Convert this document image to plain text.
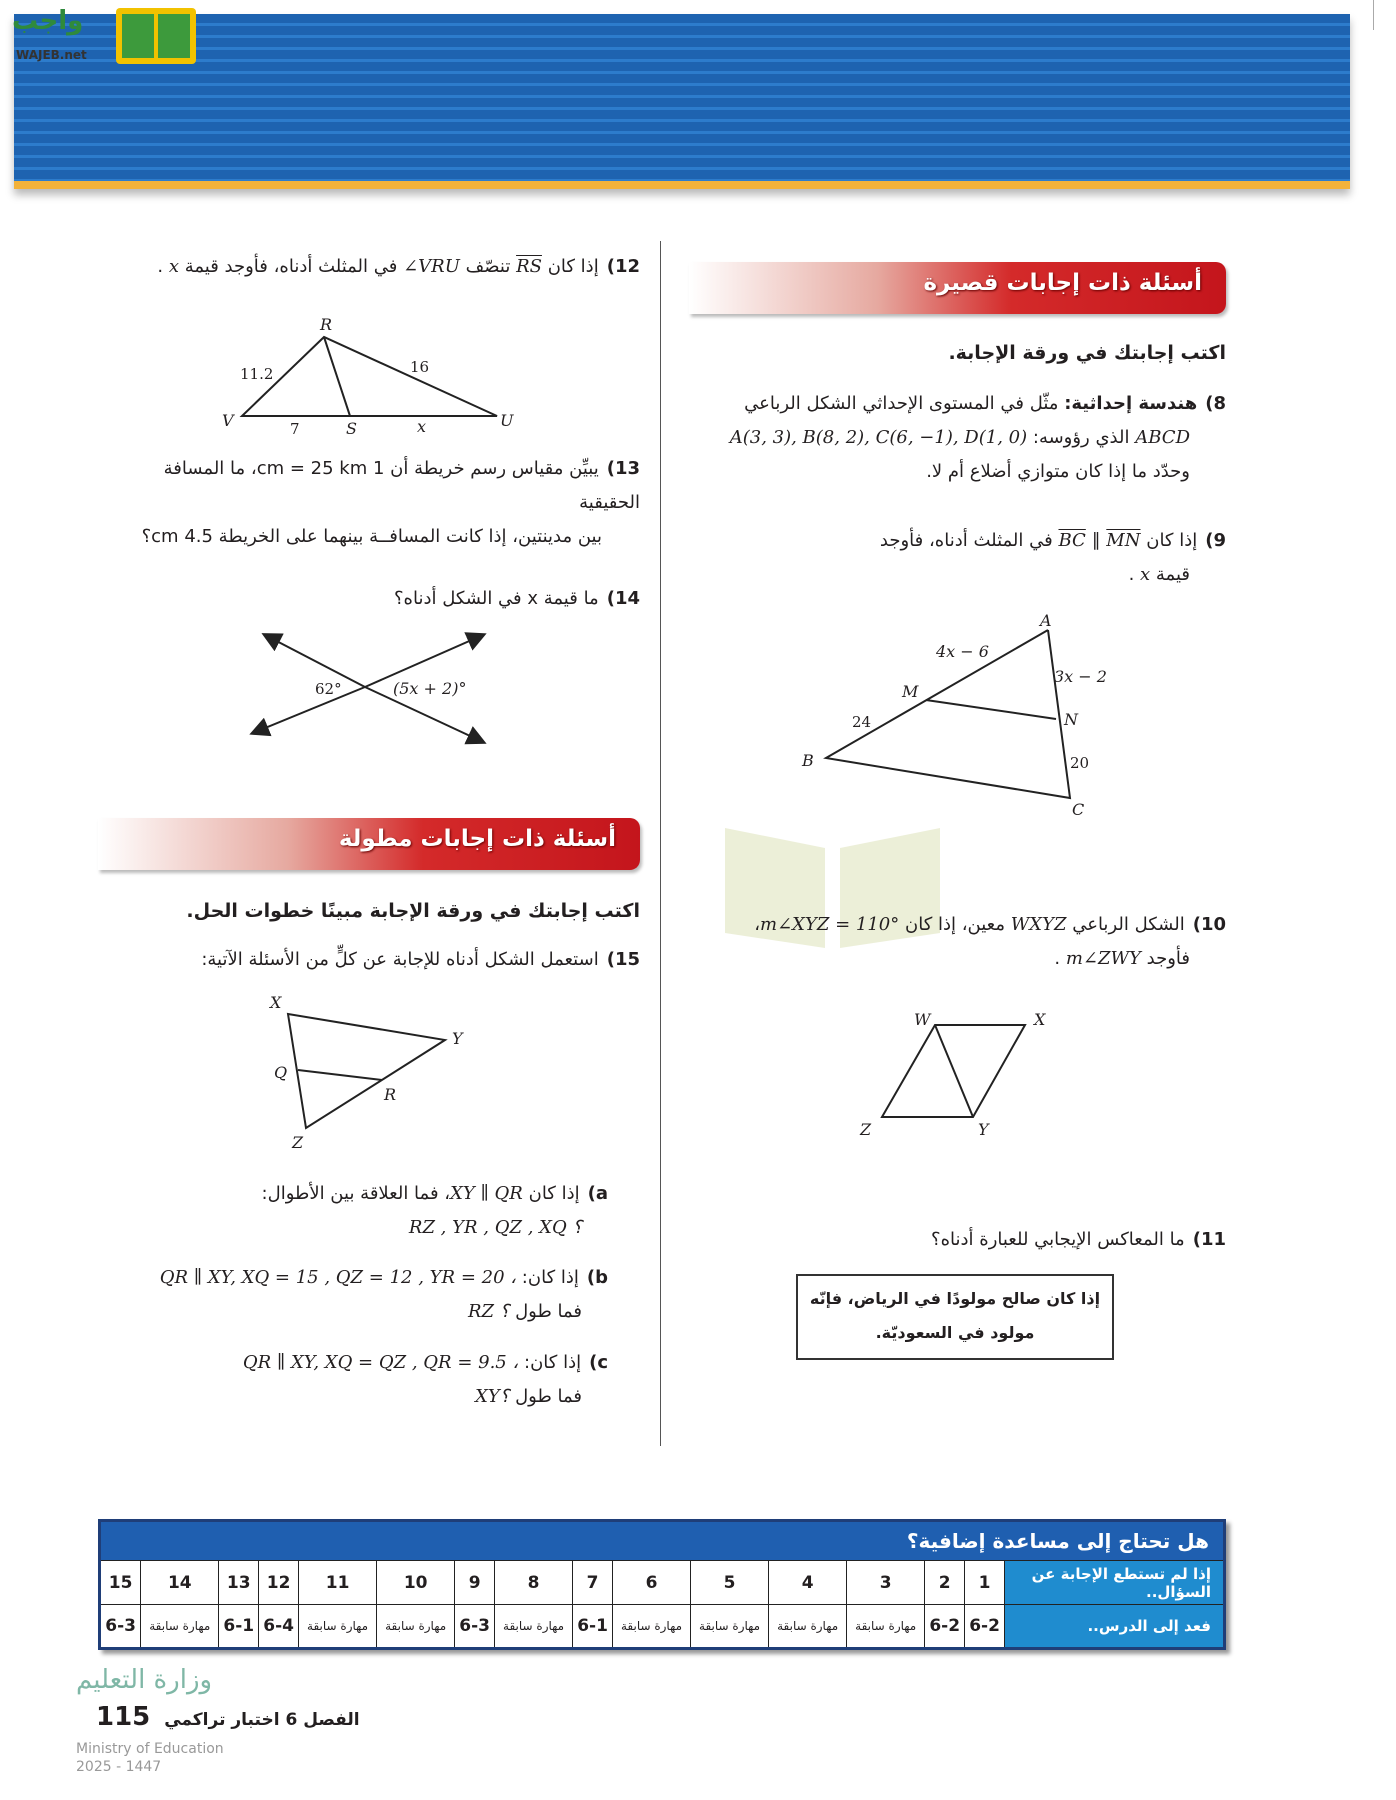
واجب
WAJEB.net
أسئلة ذات إجابات قصيرة
اكتب إجابتك في ورقة الإجابة.
8)هندسة إحداثية: مثّل في المستوى الإحداثي الشكل الرباعي
ABCD الذي رؤوسه: A(3, 3), B(8, 2), C(6, −1), D(1, 0)
وحدّد ما إذا كان متوازي أضلاع أم لا.
9)إذا كان $\overline{BC}$ ∥ $\overline{MN}$ في المثلث أدناه، فأوجد
قيمة x .
A
B
C
M
N
4x − 6
3x − 2
24
20
10)الشكل الرباعي WXYZ معين، إذا كان m∠XYZ = 110°،
فأوجد m∠ZWY .
W	X
Y
Z
11)ما المعاكس الإيجابي للعبارة أدناه؟
إذا كان صالح مولودًا في الرياض، فإنّه
مولود في السعوديّة.
12)إذا كان $\overline{RS}$ تنصّف ∠VRU في المثلث أدناه، فأوجد قيمة x .
R
V	S	U
11.2	16
7	x
13)يبيِّن مقياس رسم خريطة أن 1 cm = 25 km، ما المسافة الحقيقية
بين مدينتين، إذا كانت المسافــة بينهما على الخريطة 4.5 cm؟
14)ما قيمة x في الشكل أدناه؟
62°	(5x + 2)°
أسئلة ذات إجابات مطولة
اكتب إجابتك في ورقة الإجابة مبينًا خطوات الحل.
15)استعمل الشكل أدناه للإجابة عن كلٍّ من الأسئلة الآتية:
X
Y
Q
R
Z
a)إذا كان XY ∥ QR، فما العلاقة بين الأطوال:
RZ , YR , QZ , XQ ؟
b)إذا كان: QR ∥ XY, XQ = 15 , QZ = 12 , YR = 20 ،
فما طول RZ ؟
c)إذا كان: QR ∥ XY, XQ = QZ , QR = 9.5 ،
فما طول XY؟
هل تحتاج إلى مساعدة إضافية؟															
إذا لم تستطع الإجابة عن السؤال..	1	2	3	4	5	6	7	8	9	10	11	12	13	14	15
فعد إلى الدرس..	6-2	6-2	مهارة سابقة	مهارة سابقة	مهارة سابقة	مهارة سابقة	6-1	مهارة سابقة	6-3	مهارة سابقة	مهارة سابقة	6-4	6-1	مهارة سابقة	6-3
وزارة التعليم
الفصل 6 اختبار تراكمي 115
Ministry of Education
2025 - 1447
